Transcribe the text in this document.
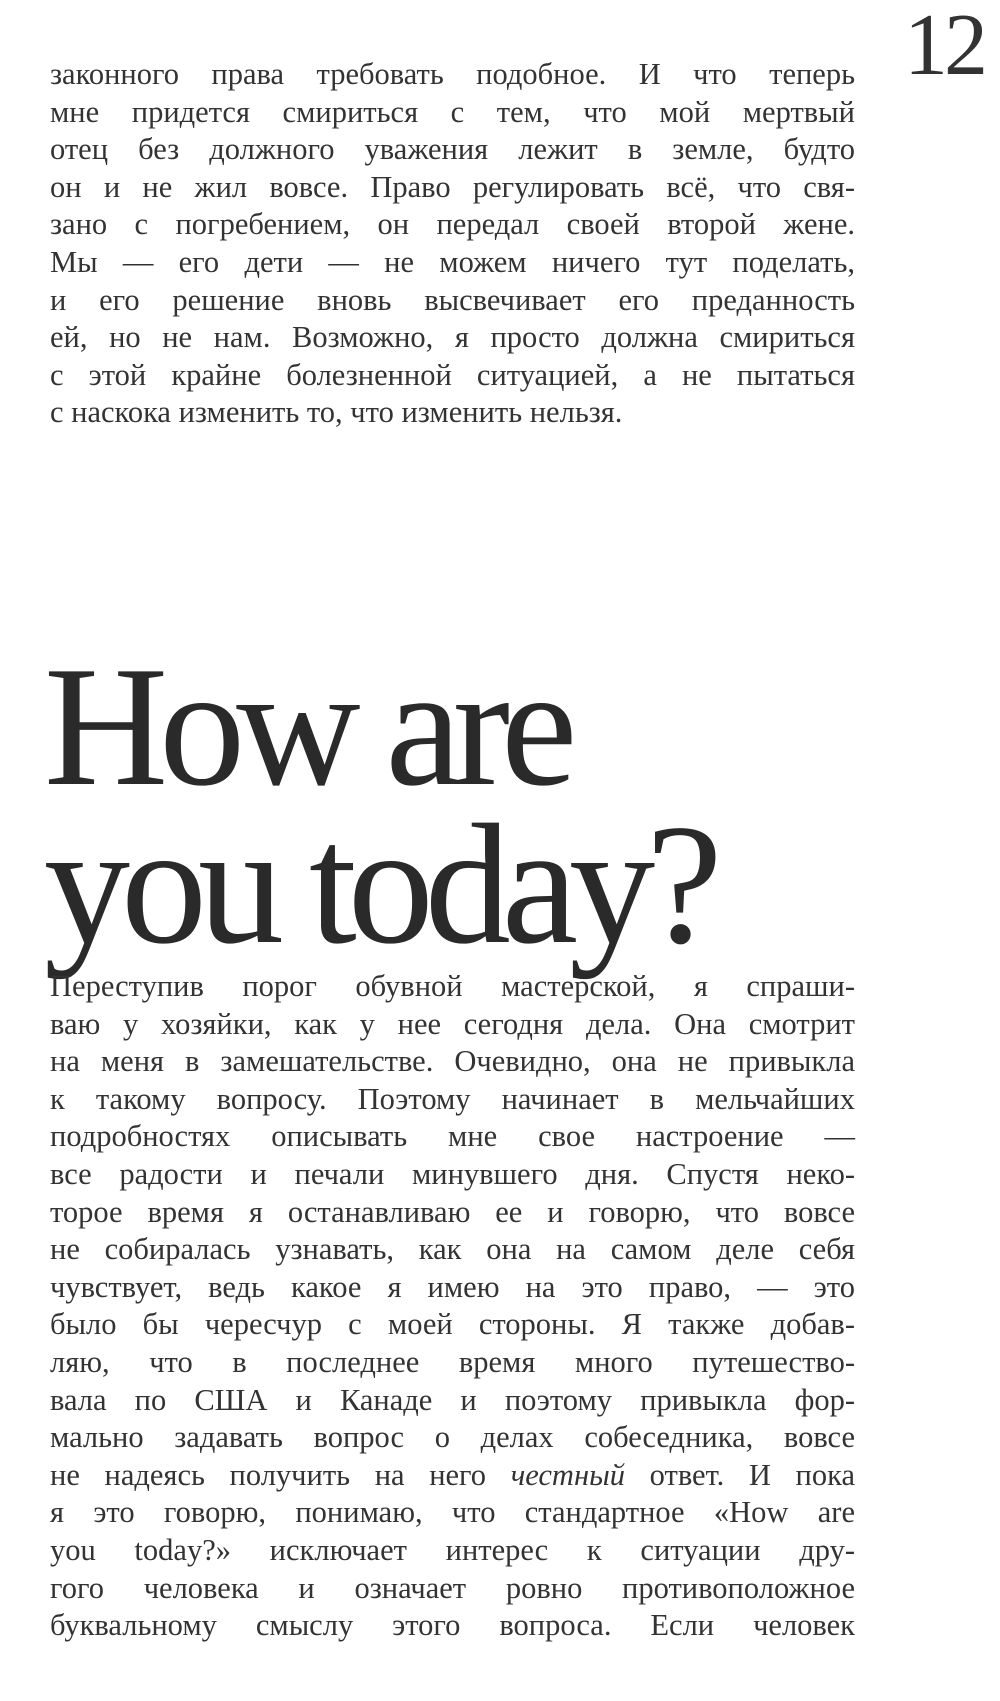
12
законного права требовать подобное. И что теперь
мне придется смириться с тем, что мой мертвый
отец без должного уважения лежит в земле, будто
он и не жил вовсе. Право регулировать всё, что свя-
зано с погребением, он передал своей второй жене.
Мы — его дети — не можем ничего тут поделать,
и его решение вновь высвечивает его преданность
ей, но не нам. Возможно, я просто должна смириться
с этой крайне болезненной ситуацией, а не пытаться
с наскока изменить то, что изменить нельзя.
How are
you today?
Переступив порог обувной мастерской, я спраши-
ваю у хозяйки, как у нее сегодня дела. Она смотрит
на меня в замешательстве. Очевидно, она не привыкла
к такому вопросу. Поэтому начинает в мельчайших
подробностях описывать мне свое настроение —
все радости и печали минувшего дня. Спустя неко-
торое время я останавливаю ее и говорю, что вовсе
не собиралась узнавать, как она на самом деле себя
чувствует, ведь какое я имею на это право, — это
было бы чересчур с моей стороны. Я также добав-
ляю, что в последнее время много путешество-
вала по США и Канаде и поэтому привыкла фор-
мально задавать вопрос о делах собеседника, вовсе
не надеясь получить на него честный ответ. И пока
я это говорю, понимаю, что стандартное «How are
you today?» исключает интерес к ситуации дру-
гого человека и означает ровно противоположное
буквальному смыслу этого вопроса. Если человек
